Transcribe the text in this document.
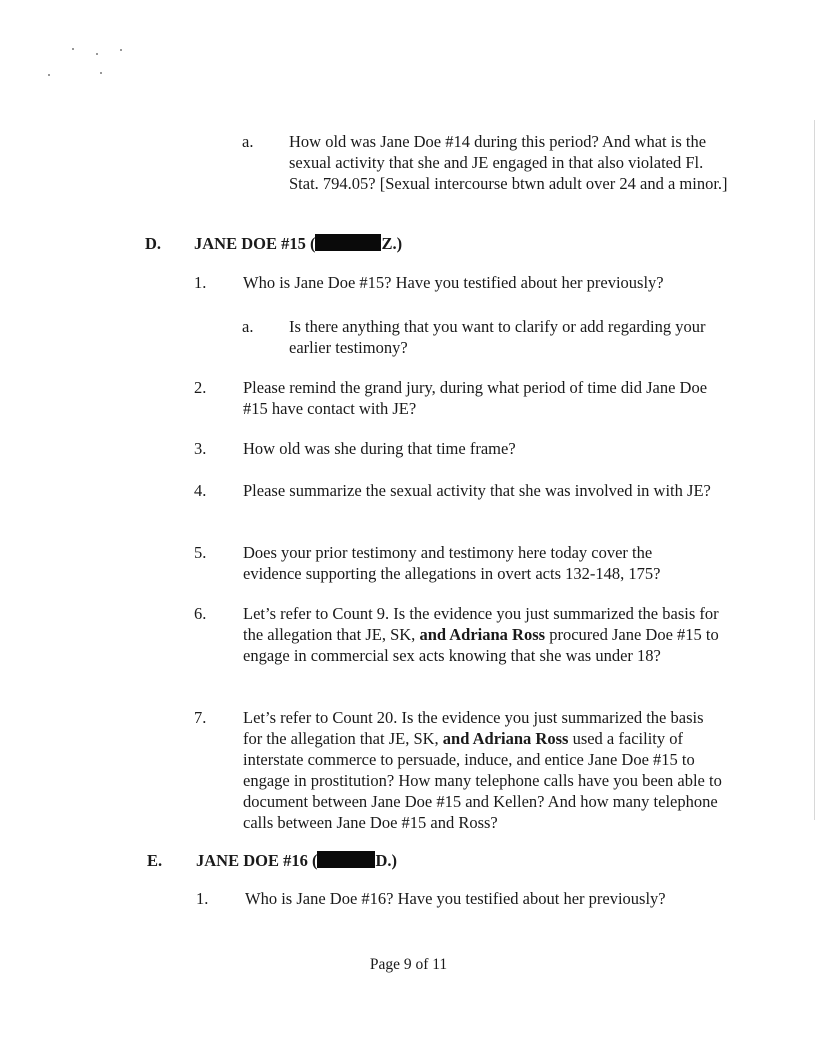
a. How old was Jane Doe #14 during this period? And what is the sexual activity that she and JE engaged in that also violated Fl. Stat. 794.05? [Sexual intercourse btwn adult over 24 and a minor.]
D. JANE DOE #15 (	Z.)
1. Who is Jane Doe #15? Have you testified about her previously?
a. Is there anything that you want to clarify or add regarding your earlier testimony?
2. Please remind the grand jury, during what period of time did Jane Doe #15 have contact with JE?
3. How old was she during that time frame?
4. Please summarize the sexual activity that she was involved in with JE?
5. Does your prior testimony and testimony here today cover the evidence supporting the allegations in overt acts 132-148, 175?
6. Let’s refer to Count 9. Is the evidence you just summarized the basis for the allegation that JE, SK, and Adriana Ross procured Jane Doe #15 to engage in commercial sex acts knowing that she was under 18?
7. Let’s refer to Count 20. Is the evidence you just summarized the basis for the allegation that JE, SK, and Adriana Ross used a facility of interstate commerce to persuade, induce, and entice Jane Doe #15 to engage in prostitution? How many telephone calls have you been able to document between Jane Doe #15 and Kellen? And how many telephone calls between Jane Doe #15 and Ross?
E. JANE DOE #16 (	D.)
1. Who is Jane Doe #16? Have you testified about her previously?
Page 9 of 11
